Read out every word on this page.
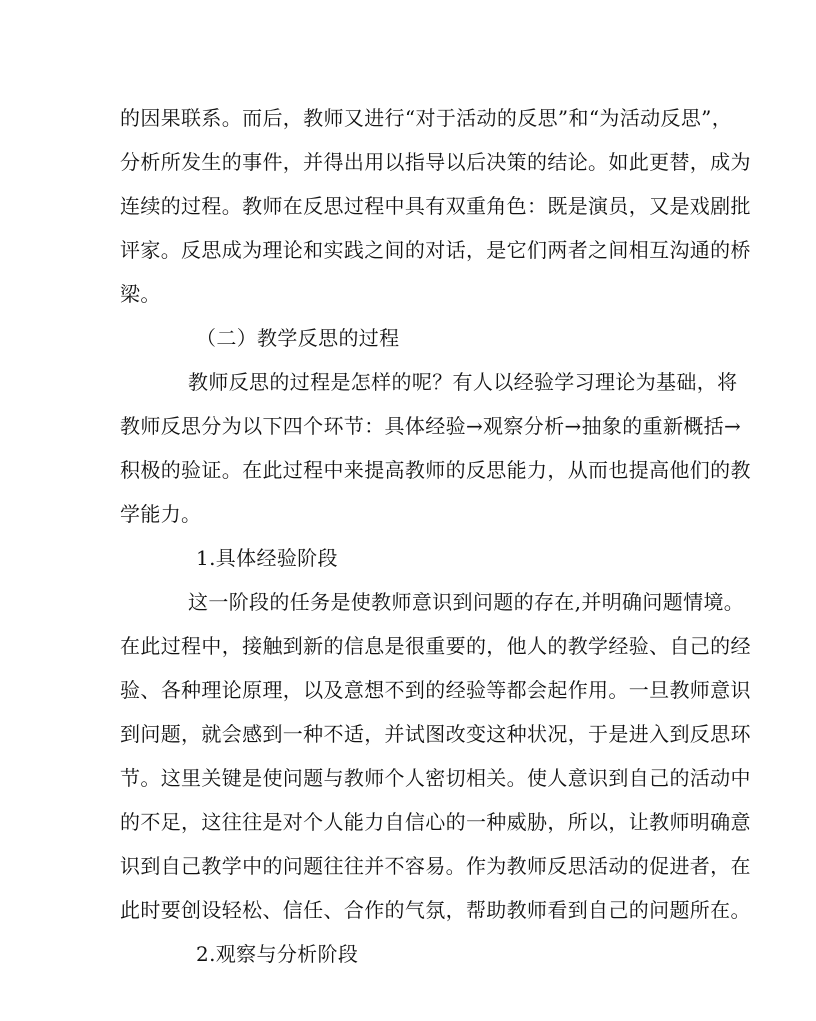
的因果联系。而后，教师又进行“对于活动的反思”和“为活动反思”，
分析所发生的事件，并得出用以指导以后决策的结论。如此更替，成为
连续的过程。教师在反思过程中具有双重角色：既是演员，又是戏剧批
评家。反思成为理论和实践之间的对话，是它们两者之间相互沟通的桥
梁。
（二）教学反思的过程
教师反思的过程是怎样的呢？有人以经验学习理论为基础，将
教师反思分为以下四个环节：具体经验→观察分析→抽象的重新概括→
积极的验证。在此过程中来提高教师的反思能力，从而也提高他们的教
学能力。
1.具体经验阶段
这一阶段的任务是使教师意识到问题的存在,并明确问题情境。
在此过程中，接触到新的信息是很重要的，他人的教学经验、自己的经
验、各种理论原理，以及意想不到的经验等都会起作用。一旦教师意识
到问题，就会感到一种不适，并试图改变这种状况，于是进入到反思环
节。这里关键是使问题与教师个人密切相关。使人意识到自己的活动中
的不足，这往往是对个人能力自信心的一种威胁，所以，让教师明确意
识到自己教学中的问题往往并不容易。作为教师反思活动的促进者，在
此时要创设轻松、信任、合作的气氛，帮助教师看到自己的问题所在。
2.观察与分析阶段
